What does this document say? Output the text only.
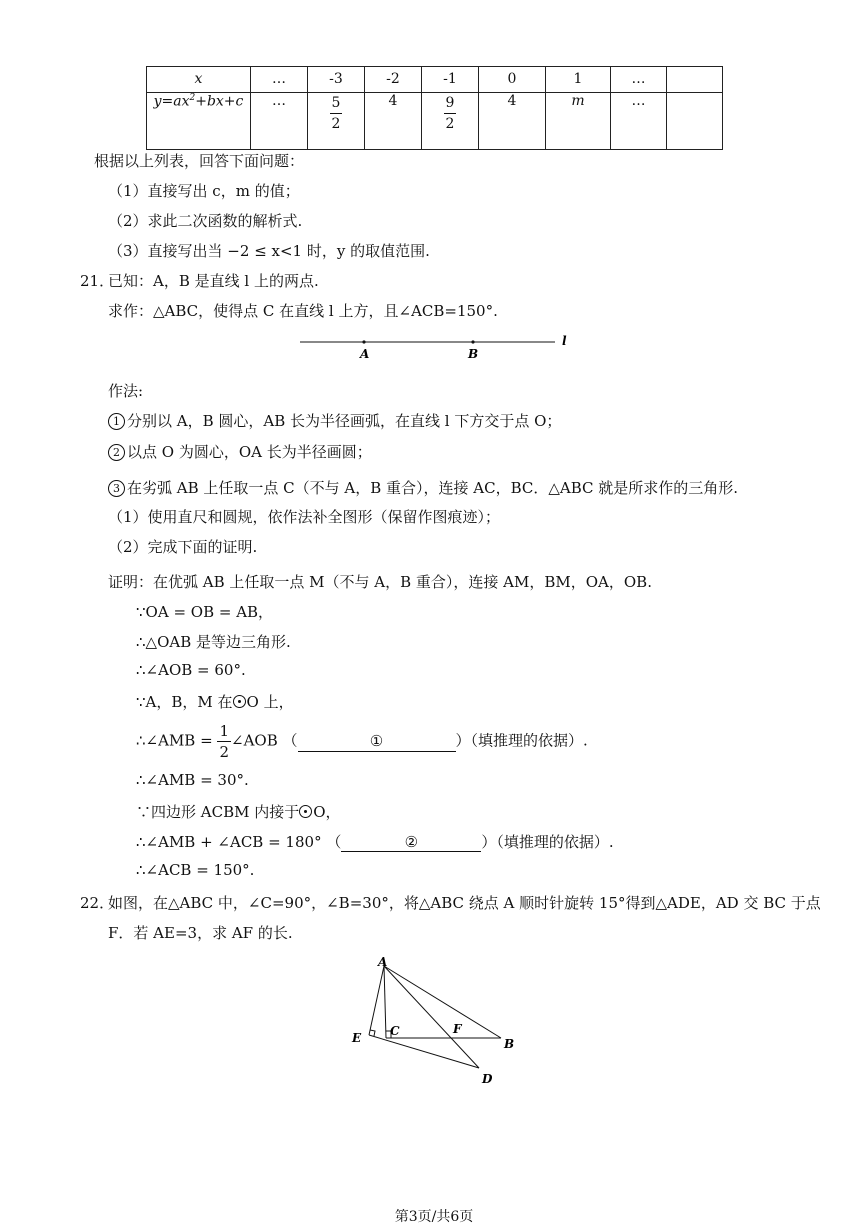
x	…	-3	-2	-1	0	1	…	
$y=ax^2+bx+c$	…	$\frac{5}{2}$	4	$\frac{9}{2}$	4	m	…	
根据以上列表，回答下面问题：
（1）直接写出 c，m 的值；
（2）求此二次函数的解析式.
（3）直接写出当 −2 ≤ x<1 时，y 的取值范围.
21．
已知：A，B 是直线 l 上的两点.
求作：△ABC，使得点 C 在直线 l 上方，且∠ACB=150°.
A	B
l
作法:
1 分别以 A，B 圆心，AB 长为半径画弧，在直线 l 下方交于点 O；
2 以点 O 为圆心，OA 长为半径画圆；
3 在劣弧 AB 上任取一点 C（不与 A，B 重合），连接 AC，BC．△ABC 就是所求作的三角形.
（1）使用直尺和圆规，依作法补全图形（保留作图痕迹）；
（2）完成下面的证明.
证明：在优弧 AB 上任取一点 M（不与 A，B 重合），连接 AM，BM，OA，OB.
∵OA = OB = AB，
∴△OAB 是等边三角形.
∴∠AOB = 60°.
∵A，B，M 在 O 上，
∴∠AMB = $\frac{1}{2}$ ∠AOB （	①	）（填推理的依据）.
∴∠AMB = 30°.
∵四边形 ACBM 内接于 O，
∴∠AMB + ∠ACB = 180° （	②	）（填推理的依据）.
∴∠ACB = 150°.
22．
如图，在△ABC 中，∠C=90°，∠B=30°，将△ABC 绕点 A 顺时针旋转 15°得到△ADE，AD 交 BC 于点
F．若 AE=3，求 AF 的长.
A
B
C
D
E
F
第3页/共6页
